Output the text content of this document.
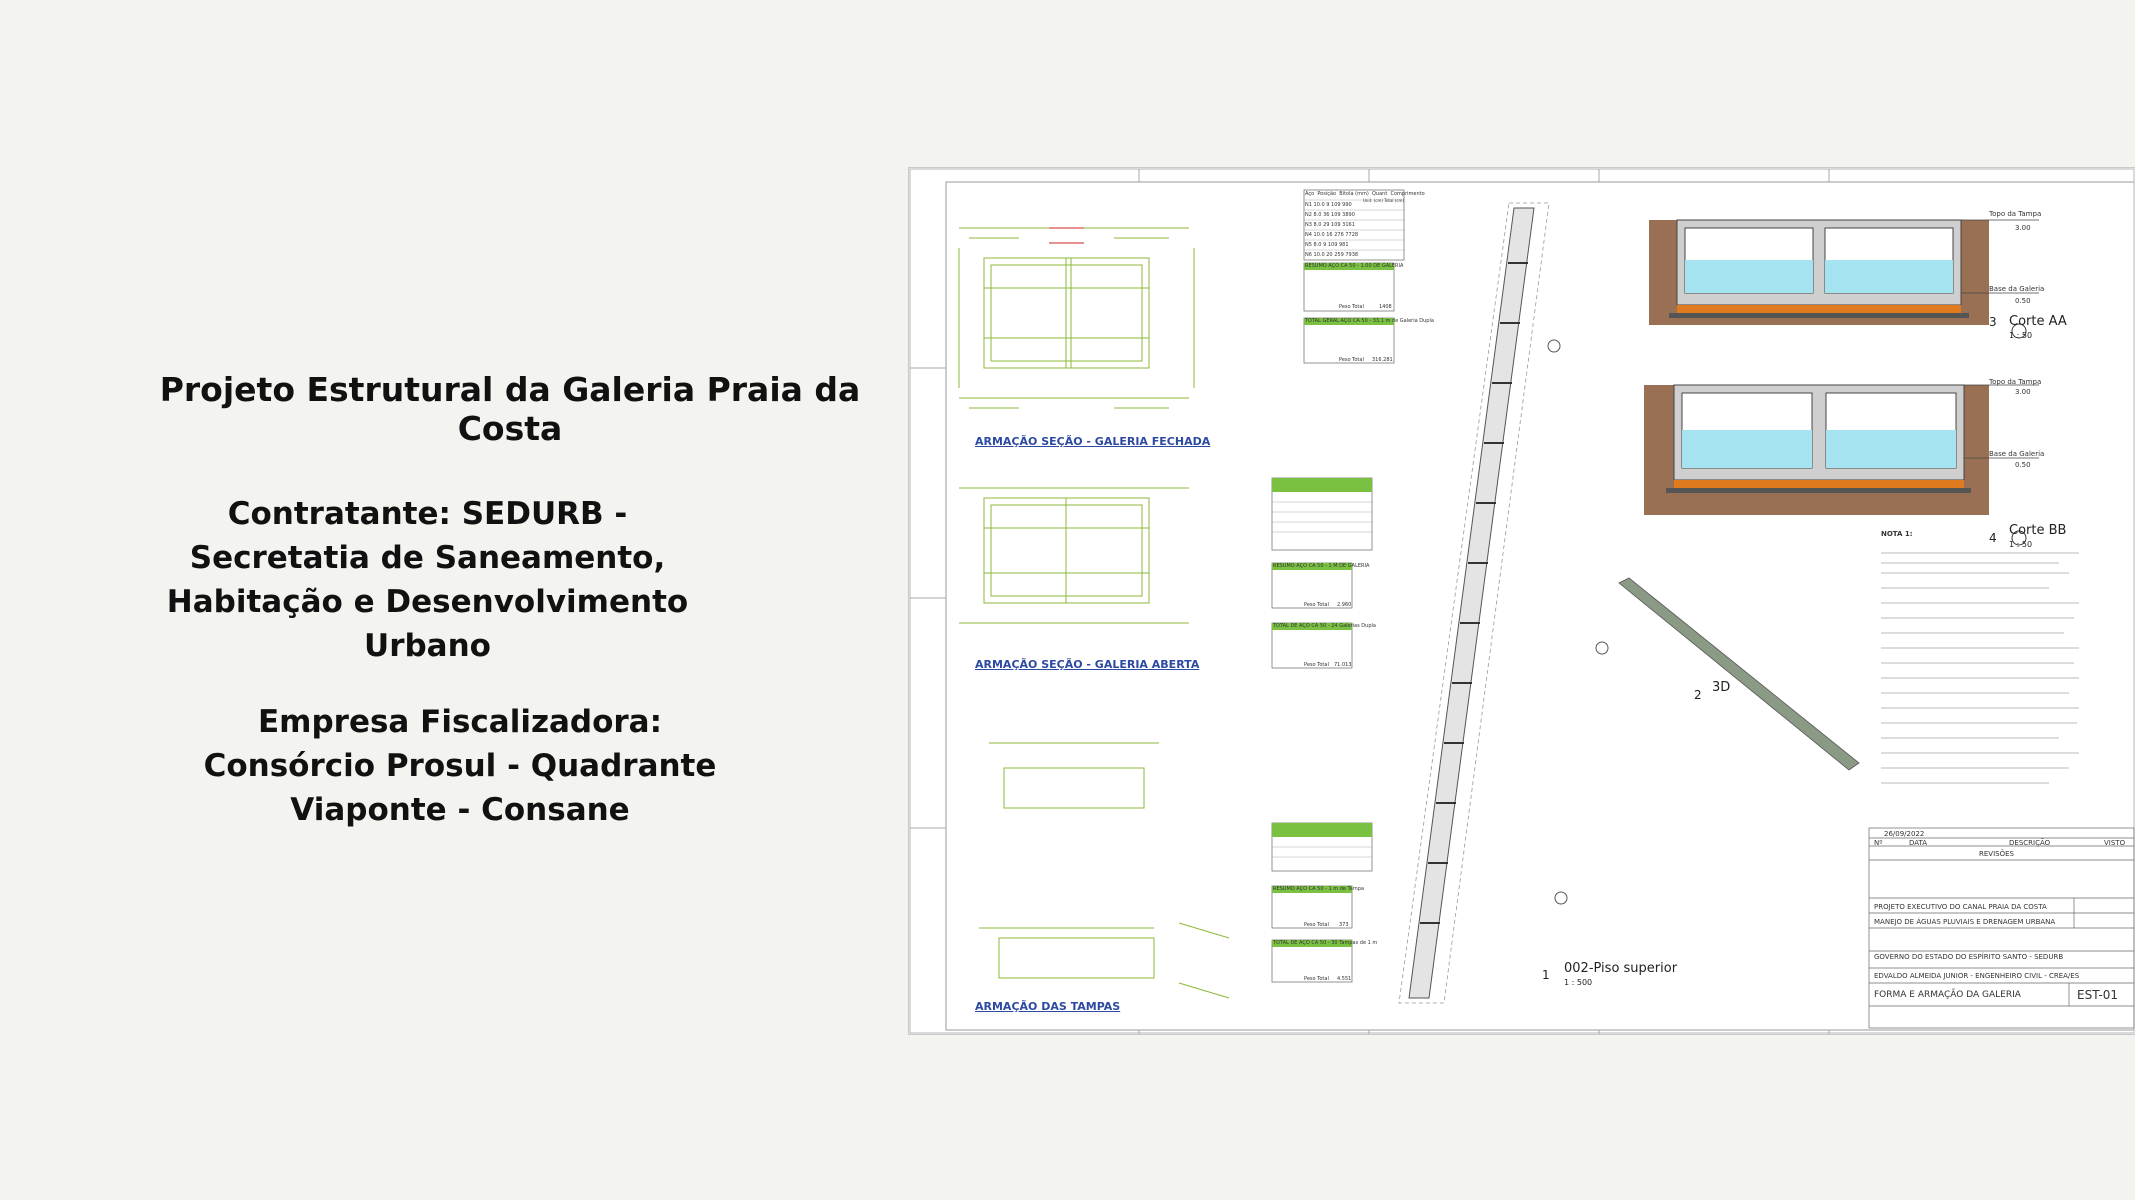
Projeto Estrutural da Galeria Praia da Costa
Contratante: SEDURB -
Secretatia de Saneamento,
Habitação e Desenvolvimento
Urbano
Empresa Fiscalizadora:
Consórcio Prosul - Quadrante
Viaponte - Consane
ARMAÇÃO SEÇÃO - GALERIA FECHADA
ARMAÇÃO SEÇÃO - GALERIA ABERTA
ARMAÇÃO DAS TAMPAS
3 Corte AA
1 : 50
4 Corte BB
1 : 50
2 3D
1 002-Piso superior
1 : 500
Topo da Tampa
3.00
Base da Galeria
0.50
Topo da Tampa
3.00
Base da Galeria
0.50
NOTA 1:
RESUMO AÇO CA 50 - 1.00 DE GALERIA
TOTAL GERAL AÇO CA 50 - 33.1 m de Galeria Dupla
RESUMO AÇO CA 50 - 1 M DE GALERIA
TOTAL DE AÇO CA 50 - 24 Galerias Dupla
RESUMO AÇO CA 50 - 1 m de Tampa
TOTAL DE AÇO CA 50 - 30 Tampas de 1 m
Peso Total	1408
Peso Total 316.281
Peso Total 2.960
Peso Total 71.013
Peso Total 373
Peso Total 4.551
Aço Posição Bitola (mm) Quant Comprimento
N1 10.0 9 109 990
N2 8.0 36 109 3890
N3 8.0 29 109 3161
N4 10.0 16 276 7728
N5 8.0 9 109 981
N6 10.0 20 259 7938
Unit. (cm) Total (cm)
26/09/2022
Nº	DATA	DESCRIÇÃO	VISTO
REVISÕES
PROJETO EXECUTIVO DO CANAL PRAIA DA COSTA
MANEJO DE ÁGUAS PLUVIAIS E DRENAGEM URBANA
GOVERNO DO ESTADO DO ESPÍRITO SANTO - SEDURB
EDVALDO ALMEIDA JUNIOR - ENGENHEIRO CIVIL - CREA/ES
FORMA E ARMAÇÃO DA GALERIA	EST-01
